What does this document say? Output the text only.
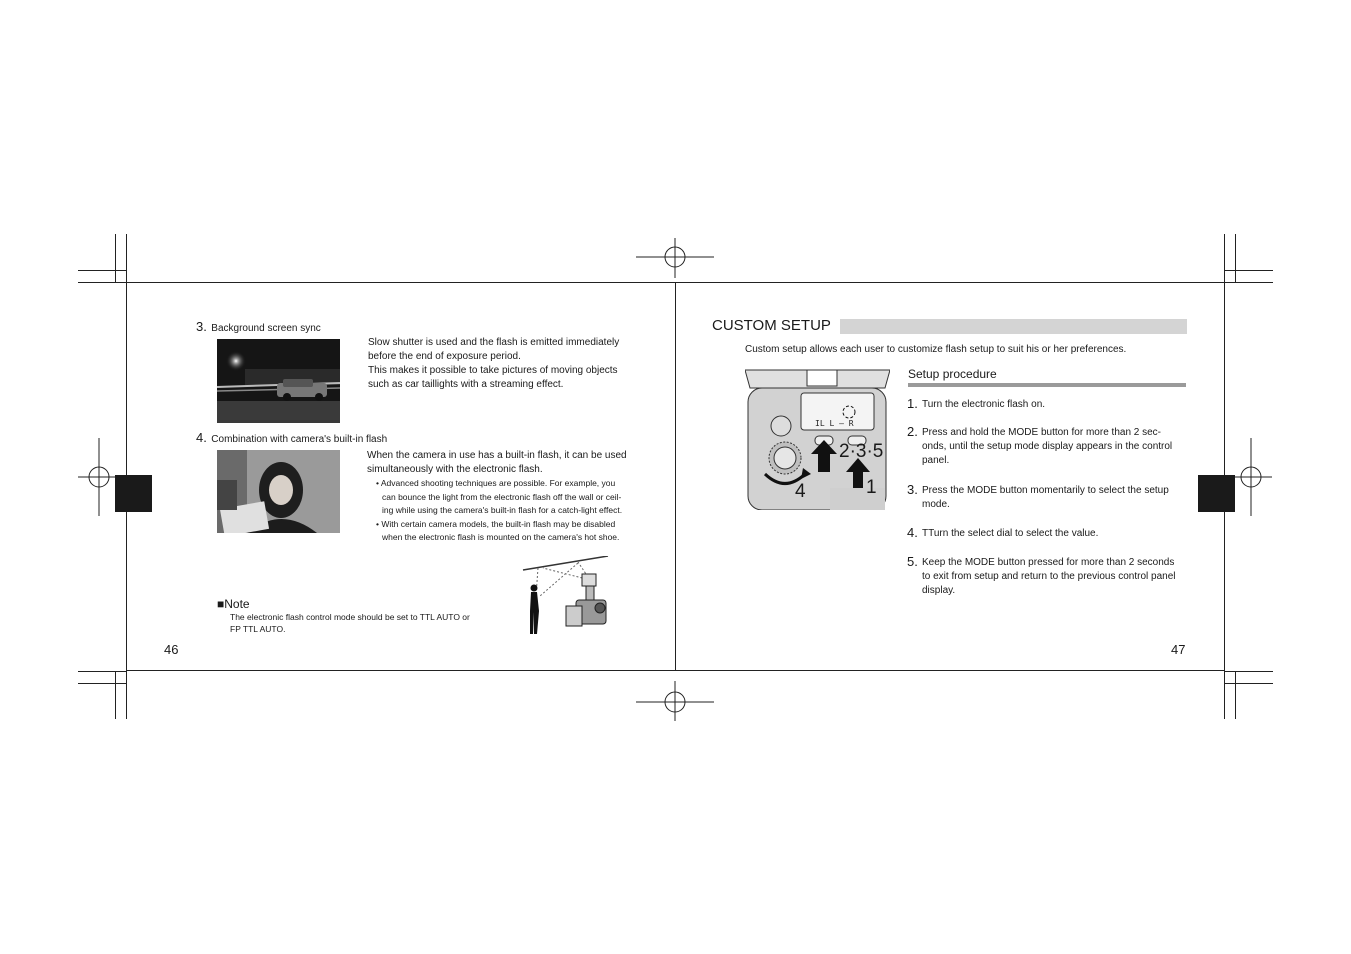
3. Background screen sync
Slow shutter is used and the flash is emitted immediately
before the end of exposure period.
This makes it possible to take pictures of moving objects
such as car taillights with a streaming effect.
4. Combination with camera's built-in flash
When the camera in use has a built-in flash, it can be used
simultaneously with the electronic flash.
• Advanced shooting techniques are possible. For example, you
can bounce the light from the electronic flash off the wall or ceil-
ing while using the camera's built-in flash for a catch-light effect.
• With certain camera models, the built-in flash may be disabled
when the electronic flash is mounted on the camera's hot shoe.
■Note
The electronic flash control mode should be set to TTL AUTO or
FP TTL AUTO.
46
CUSTOM SETUP
Custom setup allows each user to customize flash setup to suit his or her preferences.
IL L – R
2·3·5
4	1
Setup procedure
1. Turn the electronic flash on.
2. Press and hold the MODE button for more than 2 sec-
onds, until the setup mode display appears in the control
panel.
3. Press the MODE button momentarily to select the setup
mode.
4. TTurn the select dial to select the value.
5. Keep the MODE button pressed for more than 2 seconds
to exit from setup and return to the previous control panel
display.
47
